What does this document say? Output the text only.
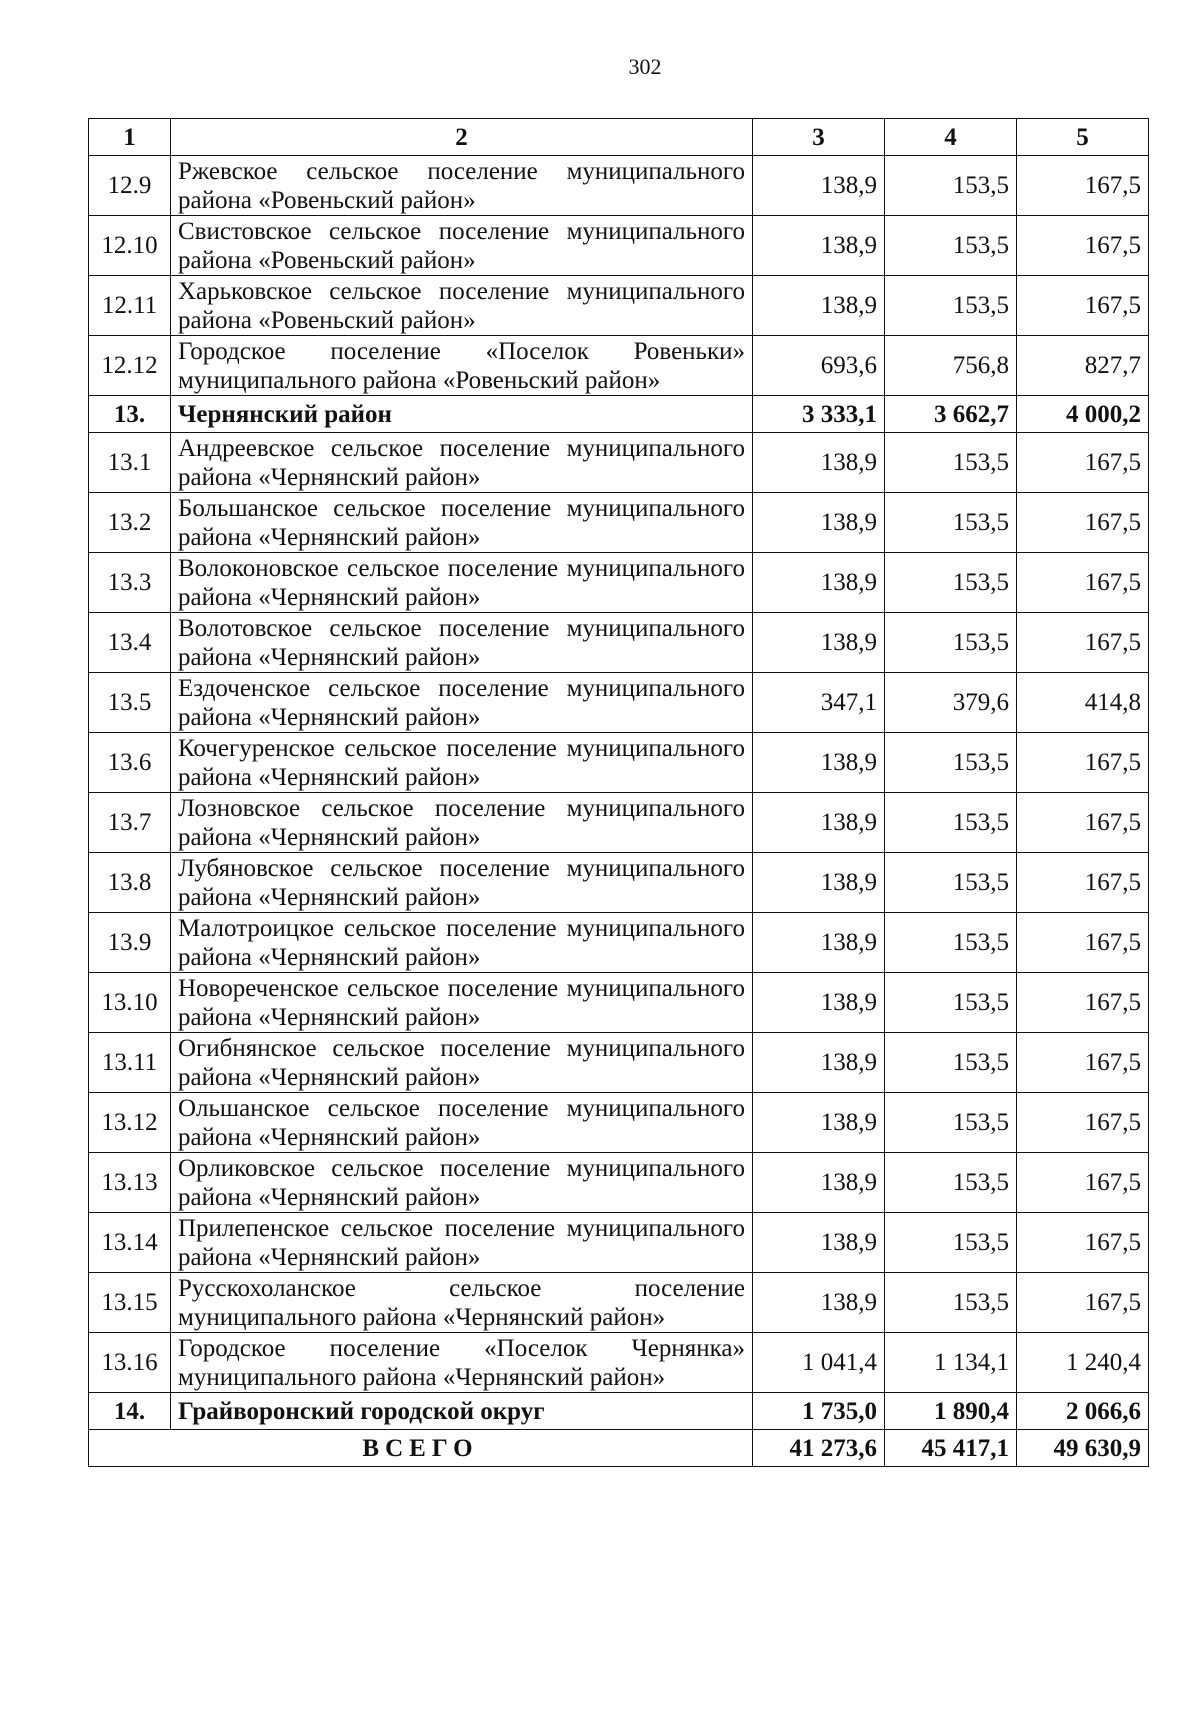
302
1	2	3	4	5
12.9	Ржевское сельское поселение муниципального района «Ровеньский район»	138,9	153,5	167,5
12.10	Свистовское сельское поселение муниципального района «Ровеньский район»	138,9	153,5	167,5
12.11	Харьковское сельское поселение муниципального района «Ровеньский район»	138,9	153,5	167,5
12.12	Городское поселение «Поселок Ровеньки» муниципального района «Ровеньский район»	693,6	756,8	827,7
13.	Чернянский район	3 333,1	3 662,7	4 000,2
13.1	Андреевское сельское поселение муниципального района «Чернянский район»	138,9	153,5	167,5
13.2	Большанское сельское поселение муниципального района «Чернянский район»	138,9	153,5	167,5
13.3	Волоконовское сельское поселение муниципального района «Чернянский район»	138,9	153,5	167,5
13.4	Волотовское сельское поселение муниципального района «Чернянский район»	138,9	153,5	167,5
13.5	Ездоченское сельское поселение муниципального района «Чернянский район»	347,1	379,6	414,8
13.6	Кочегуренское сельское поселение муниципального района «Чернянский район»	138,9	153,5	167,5
13.7	Лозновское сельское поселение муниципального района «Чернянский район»	138,9	153,5	167,5
13.8	Лубяновское сельское поселение муниципального района «Чернянский район»	138,9	153,5	167,5
13.9	Малотроицкое сельское поселение муниципального района «Чернянский район»	138,9	153,5	167,5
13.10	Новореченское сельское поселение муниципального района «Чернянский район»	138,9	153,5	167,5
13.11	Огибнянское сельское поселение муниципального района «Чернянский район»	138,9	153,5	167,5
13.12	Ольшанское сельское поселение муниципального района «Чернянский район»	138,9	153,5	167,5
13.13	Орликовское сельское поселение муниципального района «Чернянский район»	138,9	153,5	167,5
13.14	Прилепенское сельское поселение муниципального района «Чернянский район»	138,9	153,5	167,5
13.15	Русскохоланское сельское поселение муниципального района «Чернянский район»	138,9	153,5	167,5
13.16	Городское поселение «Поселок Чернянка» муниципального района «Чернянский район»	1 041,4	1 134,1	1 240,4
14.	Грайворонский городской округ	1 735,0	1 890,4	2 066,6
ВСЕГО		41 273,6	45 417,1	49 630,9
